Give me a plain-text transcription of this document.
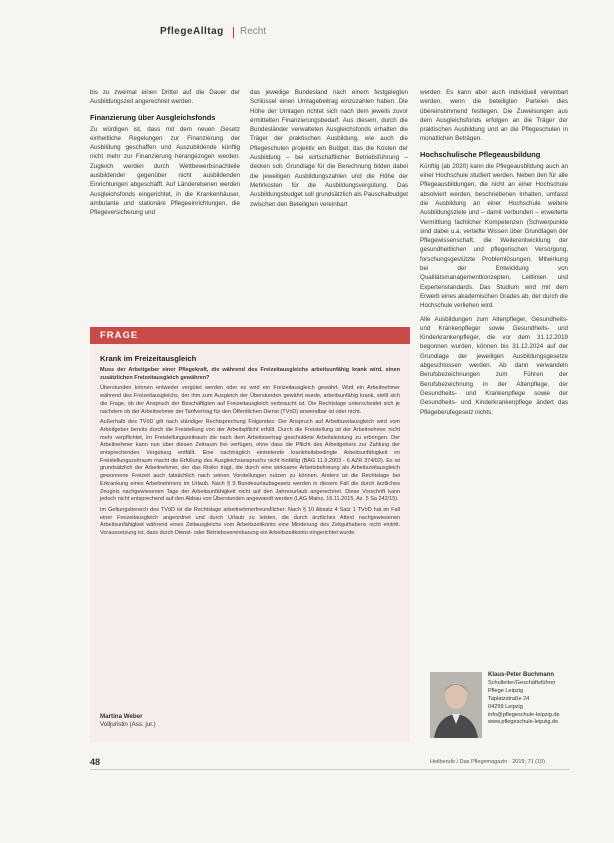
PflegeAlltag Recht

bis zu zweimal einen Drittel auf die Dauer der Ausbildungszeit angerechnet werden.

Finanzierung über Ausgleichsfonds

Zu würdigen ist, dass mit dem neuen Gesetz einheitliche Regelungen zur Finanzierung der Ausbildung geschaffen und Auszubildende künftig nicht mehr zur Finanzierung herangezogen werden. Zugleich werden durch Wettbewerbsnachteile ausbildender gegenüber nicht ausbildenden Einrichtungen abgeschafft. Auf Länderebenen werden Ausgleichsfonds eingerichtet, in die Krankenhäuser, ambulante und stationäre Pflegeeinrichtungen, die Pflegeversicherung und

das jeweilige Bundesland nach einem festgelegten Schlüssel einen Umlagebeitrag einzuzahlen haben. Die Höhe der Umlagen richtet sich nach dem jeweils zuvor ermittelten Finanzierungsbedarf. Aus diesem, durch die Bundesländer verwalteten Ausgleichsfonds erhalten die Träger der praktischen Ausbildung, wie auch die Pflegeschulen projektiv ein Budget, das die Kosten der Ausbildung – bei wirtschaftlicher Betriebsführung – decken soll. Grundlage für die Berechnung bilden dabei die jeweiligen Ausbildungszahlen und die Höhe der Mehrkosten für die Ausbildungsvergütung. Das Ausbildungsbudget soll grundsätzlich als Pauschalbudget zwischen den Beteiligten vereinbart

werden. Es kann aber auch individuell vereinbart werden, wenn die beteiligten Parteien dies übereinstimmend festlegen. Die Zuweisungen aus dem Ausgleichsfonds erfolgen an die Träger der praktischen Ausbildung und an die Pflegeschulen in monatlichen Beträgen.

Hochschulische Pflegeausbildung

Künftig (ab 2020) kann die Pflegeausbildung auch an einer Hochschule studiert werden. Neben den für alle Pflegeausbildungen, die nicht an einer Hochschule absolviert werden, beschriebenen Inhalten, umfasst die Ausbildung an einer Hochschule weitere Ausbildungsziele und – damit verbunden – erweiterte Vermittlung fachlicher Kompetenzen (Schwerpunkte sind dabei u.a. vertiefte Wissen über Grundlagen der Pflegewissenschaft, die Weiterentwicklung der gesundheitlichen und pflegerischen Versorgung, forschungsgestützte Problemlösungen, Mitwirkung bei der Entwicklung von Qualitätsmanagementkonzepten, Leitlinien und Expertenstandards. Das Studium wird mit dem Erwerb eines akademischen Grades ab, der durch die Hochschule verliehen wird.

Alle Ausbildungen zum Altenpfleger, Gesundheits- und Krankenpfleger sowie Gesundheits- und Kinderkrankenpfleger, die vor dem 31.12.2019 begonnen wurden, können bis 31.12.2024 auf der Grundlage der jeweiligen Ausbildungsgesetze abgeschlossen werden. Ab dann verwandeln Berufsbezeichnungen zum Führen der Berufsbezeichnung in der Altenpflege, der Gesundheits- und Krankenpflege sowie der Gesundheits- und Kinderkrankenpflege ändert das Pflegeberufegesetz nichts.

FRAGE
Krank im Freizeitausgleich

Muss der Arbeitgeber einer Pflegekraft, die während des Freizeitausgleichs arbeitsunfähig krank wird, einen zusätzlichen Freizeitausgleich gewähren?

Überstunden können entweder vergütet werden oder es wird ein Freizeitausgleich gewährt. Wird ein Arbeitnehmer während des Freizeitausgleichs, der ihm zum Ausgleich der Überstunden gewährt wurde, arbeitsunfähig krank, stellt sich die Frage, ob der Anspruch der Beschäftigten auf Freizeitausgleich verbraucht ist. Die Rechtslage unterscheidet sich je nachdem ob der Arbeitnehmer der Tarifvertrag für den Öffentlichen Dienst (TVöD) anwendbar ist oder nicht.

Außerhalb des TVöD gilt nach ständiger Rechtsprechung Folgendes: Der Anspruch auf Arbeitszeitausgleich wird vom Arbeitgeber bereits durch die Freistellung von der Arbeitspflicht erfüllt. Durch die Freistellung ist der Arbeitnehmer nicht mehr verpflichtet, im Freistellungszeitraum die nach dem Arbeitsvertrag geschuldete Arbeitsleistung zu erbringen. Der Arbeitnehmer kann nun über diesen Zeitraum frei verfügen, ohne dass die Pflicht des Arbeitgebers zur Zahlung der entsprechenden Vergütung entfällt. Eine nachträglich eintretende krankheitsbedingte Arbeitsunfähigkeit im Freistellungszeitraum macht die Erfüllung des Ausgleichsanspruchs nicht hinfällig (BAG 11.9.2003 - 6 AZR 374/02). Es ist grundsätzlich der Arbeitnehmer, der das Risiko trägt, die durch eine wirksame Arbeitsbefreiung als Arbeitszeitausgleich gewonnene Freizeit auch tatsächlich nach seinen Vorstellungen nutzen zu können. Anders ist die Rechtslage bei Erkrankung eines Arbeitnehmers im Urlaub. Nach § 9 Bundesurlaubsgesetz werden in diesem Fall die durch ärztliches Zeugnis nachgewiesenen Tage der Arbeitsunfähigkeit nicht auf den Jahresurlaub angerechnet. Diese Vorschrift kann jedoch nicht entsprechend auf den Abbau von Überstunden angewandt werden (LAG Mainz, 16.11.2015, Az. 5 Sa 242/15).

Im Geltungsbereich des TVöD ist die Rechtslage arbeitnehmerfreundlicher: Nach § 10 Absatz 4 Satz 1 TVöD hat im Fall einer Freizeitausgleich angeordnet und durch Urlaub zu leisten, die durch ärztliches Attest nachgewiesenen Arbeitsunfähigkeit während eines Zeitausgleichs vom Arbeitszeitkonto eine Minderung des Zeitguthabens nicht eintritt. Voraussetzung ist, dass durch Dienst- oder Betriebsvereinbarung ein Arbeitszeitkonto eingerichtet wurde.

Martina Weber
Volljuristin (Ass. jur.)
Klaus-Peter Buchmann
Schulleiter/Geschäftsführer
Pflege Leipzig
Taplatzstraße 24
04299 Leipzig
info@pflegeschule-leipzig.de
www.pflegeschule-leipzig.de
48	Heilberufe / Das Pflegemagazin · 2019; 71 (10)
